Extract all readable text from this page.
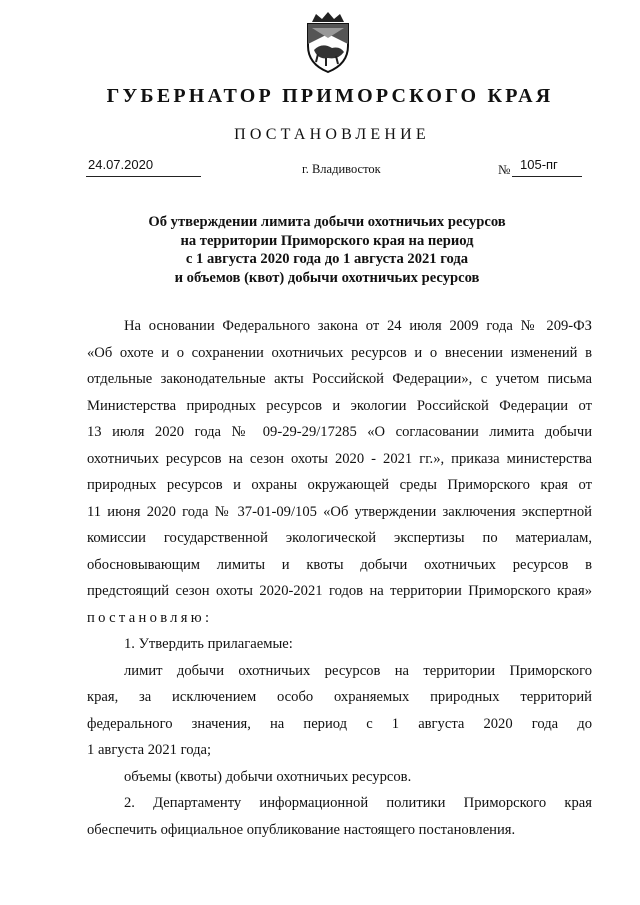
ГУБЕРНАТОР ПРИМОРСКОГО КРАЯ
ПОСТАНОВЛЕНИЕ
24.07.2020	г. Владивосток	№ 105-пг
Об утверждении лимита добычи охотничьих ресурсов
на территории Приморского края на период
с 1 августа 2020 года до 1 августа 2021 года
и объемов (квот) добычи охотничьих ресурсов
На основании Федерального закона от 24 июля 2009 года № 209-ФЗ
«Об охоте и о сохранении охотничьих ресурсов и о внесении изменений в
отдельные законодательные акты Российской Федерации», с учетом письма
Министерства природных ресурсов и экологии Российской Федерации от
13 июля 2020 года № 09-29-29/17285 «О согласовании лимита добычи
охотничьих ресурсов на сезон охоты 2020 - 2021 гг.», приказа министерства
природных ресурсов и охраны окружающей среды Приморского края от
11 июня 2020 года № 37-01-09/105 «Об утверждении заключения экспертной
комиссии государственной экологической экспертизы по материалам,
обосновывающим лимиты и квоты добычи охотничьих ресурсов в
предстоящий сезон охоты 2020-2021 годов на территории Приморского края»
постановляю:
1. Утвердить прилагаемые:
лимит добычи охотничьих ресурсов на территории Приморского
края, за исключением особо охраняемых природных территорий
федерального значения, на период с 1 августа 2020 года до
1 августа 2021 года;
объемы (квоты) добычи охотничьих ресурсов.
2. Департаменту информационной политики Приморского края
обеспечить официальное опубликование настоящего постановления.
